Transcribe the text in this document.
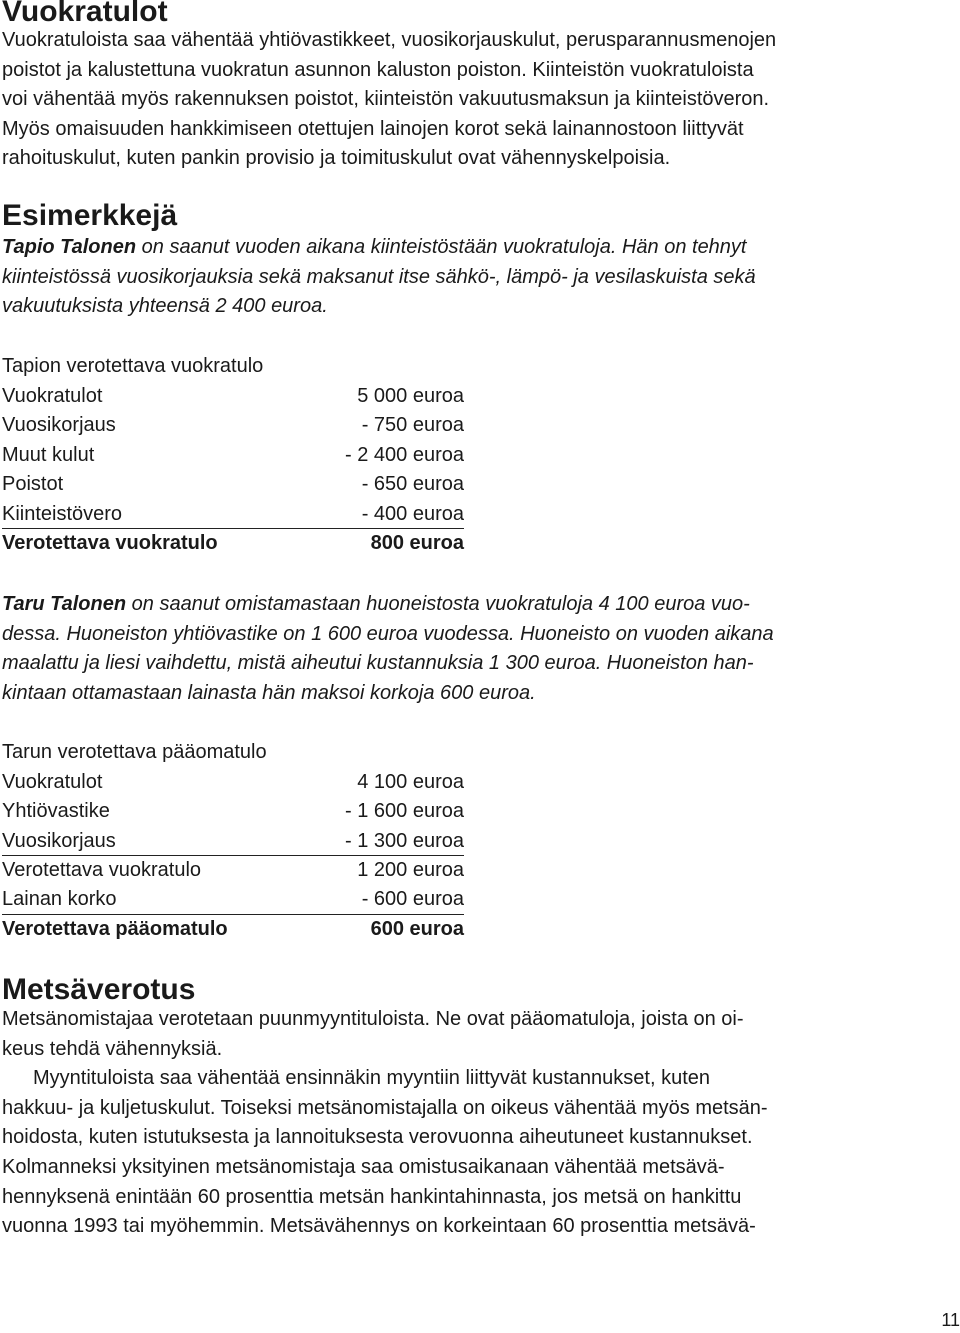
Vuokratulot

Vuokratuloista saa vähentää yhtiövastikkeet, vuosikorjauskulut, perusparannusmenojen

poistot ja kalustettuna vuokratun asunnon kaluston poiston. Kiinteistön vuokratuloista

voi vähentää myös rakennuksen poistot, kiinteistön vakuutusmaksun ja kiinteistöveron.

Myös omaisuuden hankkimiseen otettujen lainojen korot sekä lainannostoon liittyvät

rahoituskulut, kuten pankin provisio ja toimituskulut ovat vähennyskelpoisia.

Esimerkkejä

Tapio Talonen on saanut vuoden aikana kiinteistöstään vuokratuloja. Hän on tehnyt

kiinteistössä vuosikorjauksia sekä maksanut itse sähkö-, lämpö- ja vesilaskuista sekä

vakuutuksista yhteensä 2 400 euroa.

Tapion verotettava vuokratulo
Vuokratulot	5 000 euroa
Vuosikorjaus	- 750 euroa
Muut kulut	- 2 400 euroa
Poistot	- 650 euroa
Kiinteistövero	- 400 euroa
Verotettava vuokratulo	800 euroa

Taru Talonen on saanut omistamastaan huoneistosta vuokratuloja 4 100 euroa vuo-

dessa. Huoneiston yhtiövastike on 1 600 euroa vuodessa. Huoneisto on vuoden aikana

maalattu ja liesi vaihdettu, mistä aiheutui kustannuksia 1 300 euroa. Huoneiston han-

kintaan ottamastaan lainasta hän maksoi korkoja 600 euroa.

Tarun verotettava pääomatulo
Vuokratulot	4 100 euroa
Yhtiövastike	- 1 600 euroa
Vuosikorjaus	- 1 300 euroa
Verotettava vuokratulo	1 200 euroa
Lainan korko	- 600 euroa
Verotettava pääomatulo	600 euroa
Metsäverotus

Metsänomistajaa verotetaan puunmyyntituloista. Ne ovat pääomatuloja, joista on oi-

keus tehdä vähennyksiä.

Myyntituloista saa vähentää ensinnäkin myyntiin liittyvät kustannukset, kuten

hakkuu- ja kuljetuskulut. Toiseksi metsänomistajalla on oikeus vähentää myös metsän-

hoidosta, kuten istutuksesta ja lannoituksesta verovuonna aiheutuneet kustannukset.

Kolmanneksi yksityinen metsänomistaja saa omistusaikanaan vähentää metsävä-

hennyksenä enintään 60 prosenttia metsän hankintahinnasta, jos metsä on hankittu

vuonna 1993 tai myöhemmin. Metsävähennys on korkeintaan 60 prosenttia metsävä-

11
